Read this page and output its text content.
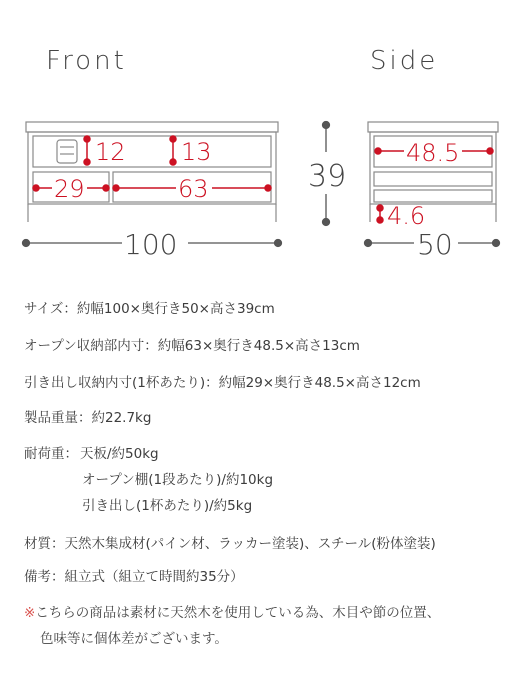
Front	Side
12 13
29	63
100
39
48.5
4.6
50
サイズ：約幅100×奥行き50×高さ39cm
オープン収納部内寸：約幅63×奥行き48.5×高さ13cm
引き出し収納内寸(1杯あたり)：約幅29×奥行き48.5×高さ12cm
製品重量：約22.7kg
耐荷重： 天板/約50kg
オープン棚(1段あたり)/約10kg
引き出し(1杯あたり)/約5kg
材質：天然木集成材(パイン材、ラッカー塗装)、スチール(粉体塗装)
備考：組立式（組立て時間約35分）
※こちらの商品は素材に天然木を使用している為、木目や節の位置、
色味等に個体差がございます。
